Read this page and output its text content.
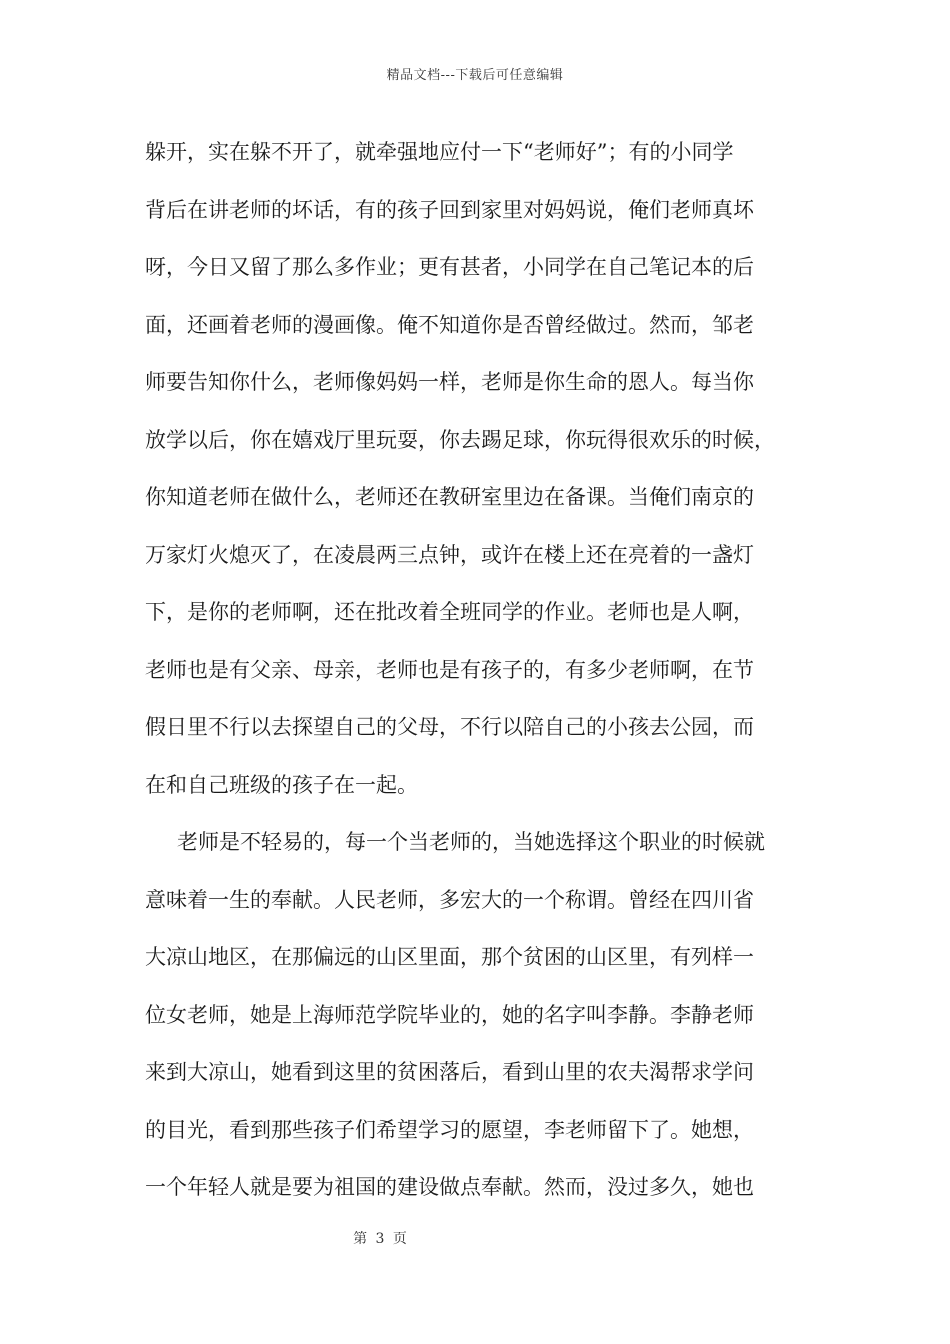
精品文档---下载后可任意编辑
躲开，实在躲不开了，就牵强地应付一下“老师好”；有的小同学
背后在讲老师的坏话，有的孩子回到家里对妈妈说，俺们老师真坏
呀，今日又留了那么多作业；更有甚者，小同学在自己笔记本的后
面，还画着老师的漫画像。俺不知道你是否曾经做过。然而，邹老
师要告知你什么，老师像妈妈一样，老师是你生命的恩人。每当你
放学以后，你在嬉戏厅里玩耍，你去踢足球，你玩得很欢乐的时候，
你知道老师在做什么，老师还在教研室里边在备课。当俺们南京的
万家灯火熄灭了，在凌晨两三点钟，或许在楼上还在亮着的一盏灯
下，是你的老师啊，还在批改着全班同学的作业。老师也是人啊，
老师也是有父亲、母亲，老师也是有孩子的，有多少老师啊，在节
假日里不行以去探望自己的父母，不行以陪自己的小孩去公园，而
在和自己班级的孩子在一起。
老师是不轻易的，每一个当老师的，当她选择这个职业的时候就
意味着一生的奉献。人民老师，多宏大的一个称谓。曾经在四川省
大凉山地区，在那偏远的山区里面，那个贫困的山区里，有列样一
位女老师，她是上海师范学院毕业的，她的名字叫李静。李静老师
来到大凉山，她看到这里的贫困落后，看到山里的农夫渴帮求学问
的目光，看到那些孩子们希望学习的愿望，李老师留下了。她想，
一个年轻人就是要为祖国的建设做点奉献。然而，没过多久，她也
第 3 页
